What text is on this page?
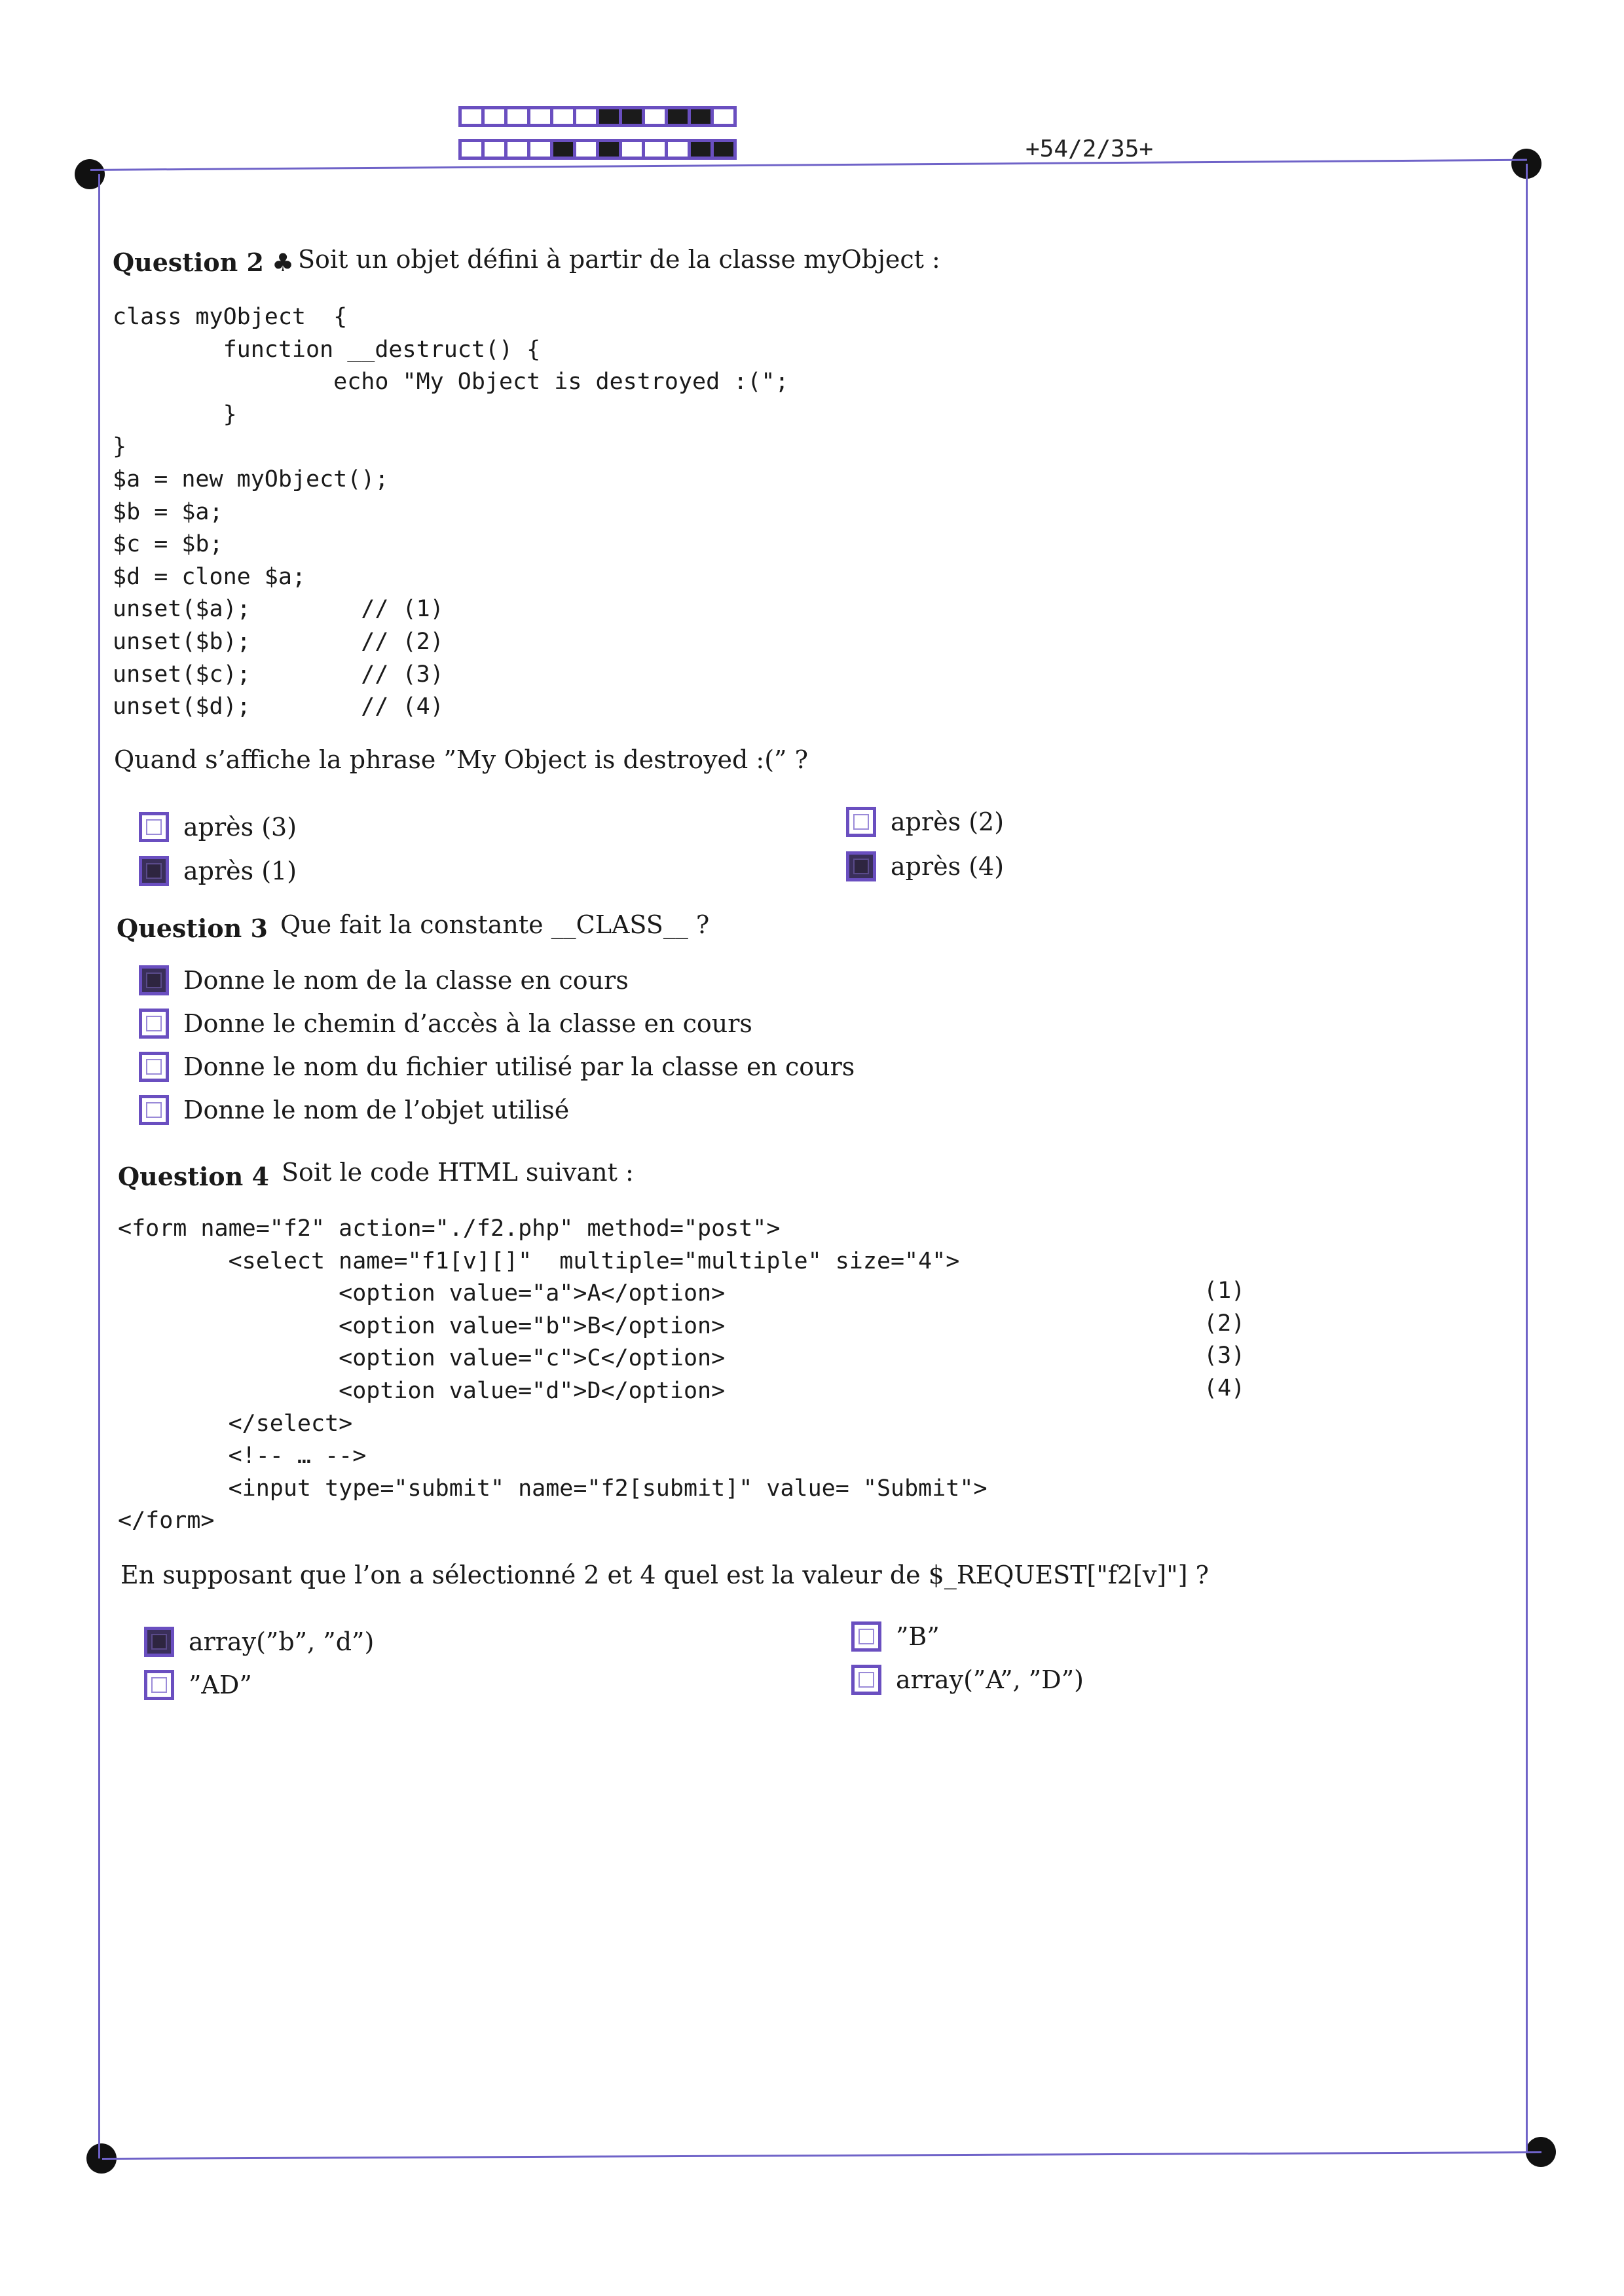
+54/2/35+
Question 2 ♣ Soit un objet défini à partir de la classe myObject :
class myObject  {
function __destruct() {
echo "My Object is destroyed :(";
}
}
$a = new myObject();
$b = $a;
$c = $b;
$d = clone $a;
unset($a);        // (1)
unset($b);        // (2)
unset($c);        // (3)
unset($d);        // (4)
Quand s’affiche la phrase ”My Object is destroyed :(” ?
après (3)
après (1)
après (2)
après (4)
Question 3 Que fait la constante __CLASS__ ?
Donne le nom de la classe en cours
Donne le chemin d’accès à la classe en cours
Donne le nom du fichier utilisé par la classe en cours
Donne le nom de l’objet utilisé
Question 4 Soit le code HTML suivant :
<form name="f2" action="./f2.php" method="post">
<select name="f1[v][]"  multiple="multiple" size="4">
<option value="a">A</option>
<option value="b">B</option>
<option value="c">C</option>
<option value="d">D</option>
</select>
<!-- … -->
<input type="submit" name="f2[submit]" value= "Submit">
</form>
(1)
(2)
(3)
(4)
En supposant que l’on a sélectionné 2 et 4 quel est la valeur de $_REQUEST["f2[v]"] ?
array(”b”, ”d”)
”AD”
”B”
array(”A”, ”D”)
